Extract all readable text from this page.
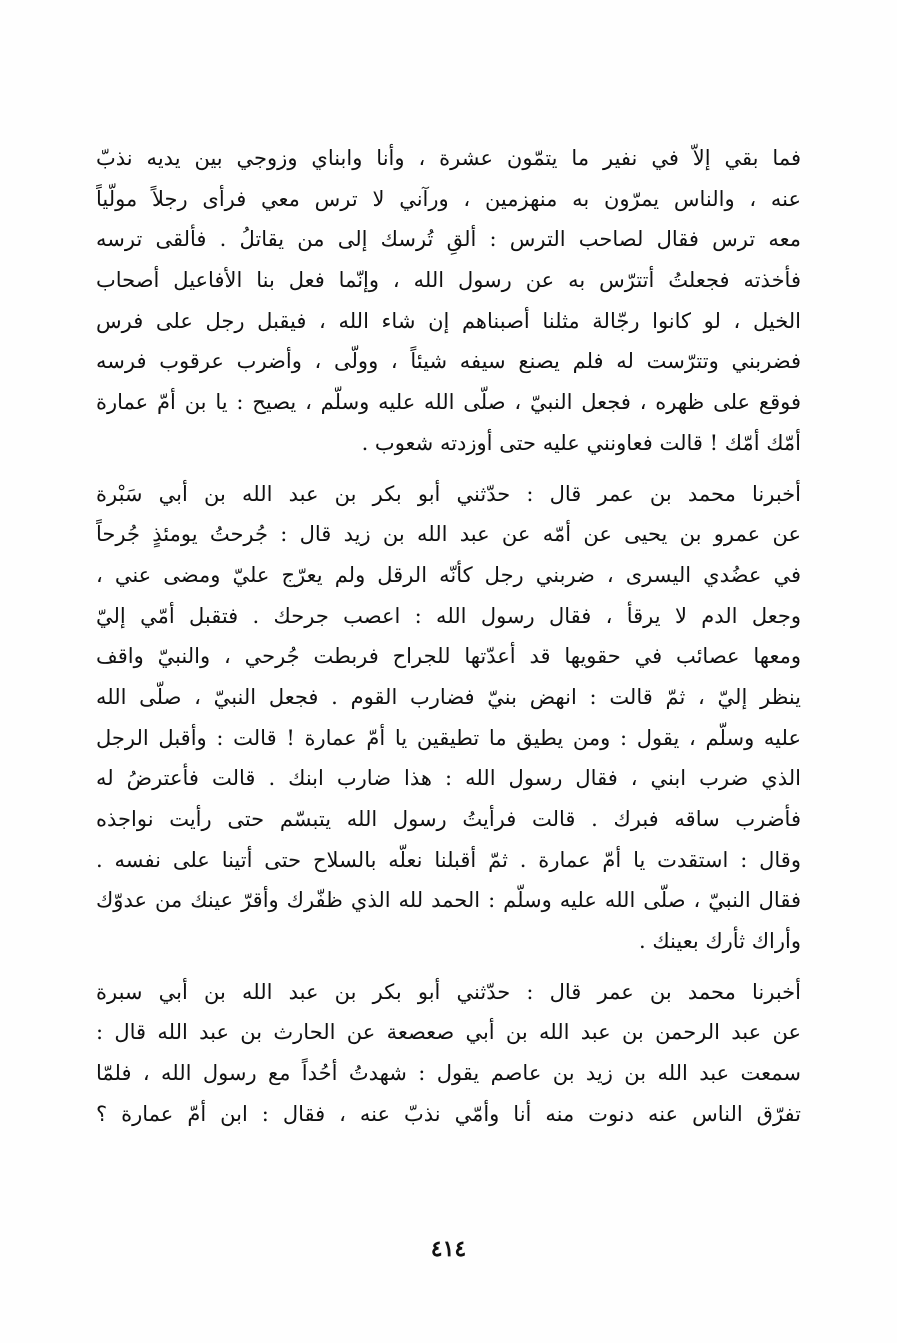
فما بقي إلاّ في نفير ما يتمّون عشرة ، وأنا وابناي وزوجي بين يديه نذبّ
عنه ، والناس يمرّون به منهزمين ، ورآني لا ترس معي فرأى رجلاً مولّياً
معه ترس فقال لصاحب الترس : ألقِ تُرسك إلى من يقاتلُ . فألقى ترسه
فأخذته فجعلتُ أتترّس به عن رسول الله ، وإنّما فعل بنا الأفاعيل أصحاب
الخيل ، لو كانوا رجّالة مثلنا أصبناهم إن شاء الله ، فيقبل رجل على فرس
فضربني وتترّست له فلم يصنع سيفه شيئاً ، وولّى ، وأضرب عرقوب فرسه
فوقع على ظهره ، فجعل النبيّ ، صلّى الله عليه وسلّم ، يصيح : يا بن أمّ عمارة
أمّك أمّك ! قالت فعاونني عليه حتى أوزدته شعوب .
أخبرنا محمد بن عمر قال : حدّثني أبو بكر بن عبد الله بن أبي سَبْرة
عن عمرو بن يحيى عن أمّه عن عبد الله بن زيد قال : جُرحتُ يومئذٍ جُرحاً
في عضُدي اليسرى ، ضربني رجل كأنّه الرقل ولم يعرّج عليّ ومضى عني ،
وجعل الدم لا يرقأ ، فقال رسول الله : اعصب جرحك . فتقبل أمّي إليّ
ومعها عصائب في حقويها قد أعدّتها للجراح فربطت جُرحي ، والنبيّ واقف
ينظر إليّ ، ثمّ قالت : انهض بنيّ فضارب القوم . فجعل النبيّ ، صلّى الله
عليه وسلّم ، يقول : ومن يطيق ما تطيقين يا أمّ عمارة ! قالت : وأقبل الرجل
الذي ضرب ابني ، فقال رسول الله : هذا ضارب ابنك . قالت فأعترضُ له
فأضرب ساقه فبرك . قالت فرأيتُ رسول الله يتبسّم حتى رأيت نواجذه
وقال : استقدت يا أمّ عمارة . ثمّ أقبلنا نعلّه بالسلاح حتى أتينا على نفسه .
فقال النبيّ ، صلّى الله عليه وسلّم : الحمد لله الذي ظفّرك وأقرّ عينك من عدوّك
وأراك ثأرك بعينك .
أخبرنا محمد بن عمر قال : حدّثني أبو بكر بن عبد الله بن أبي سبرة
عن عبد الرحمن بن عبد الله بن أبي صعصعة عن الحارث بن عبد الله قال :
سمعت عبد الله بن زيد بن عاصم يقول : شهدتُ أحُداً مع رسول الله ، فلمّا
تفرّق الناس عنه دنوت منه أنا وأمّي نذبّ عنه ، فقال : ابن أمّ عمارة ؟
٤١٤
